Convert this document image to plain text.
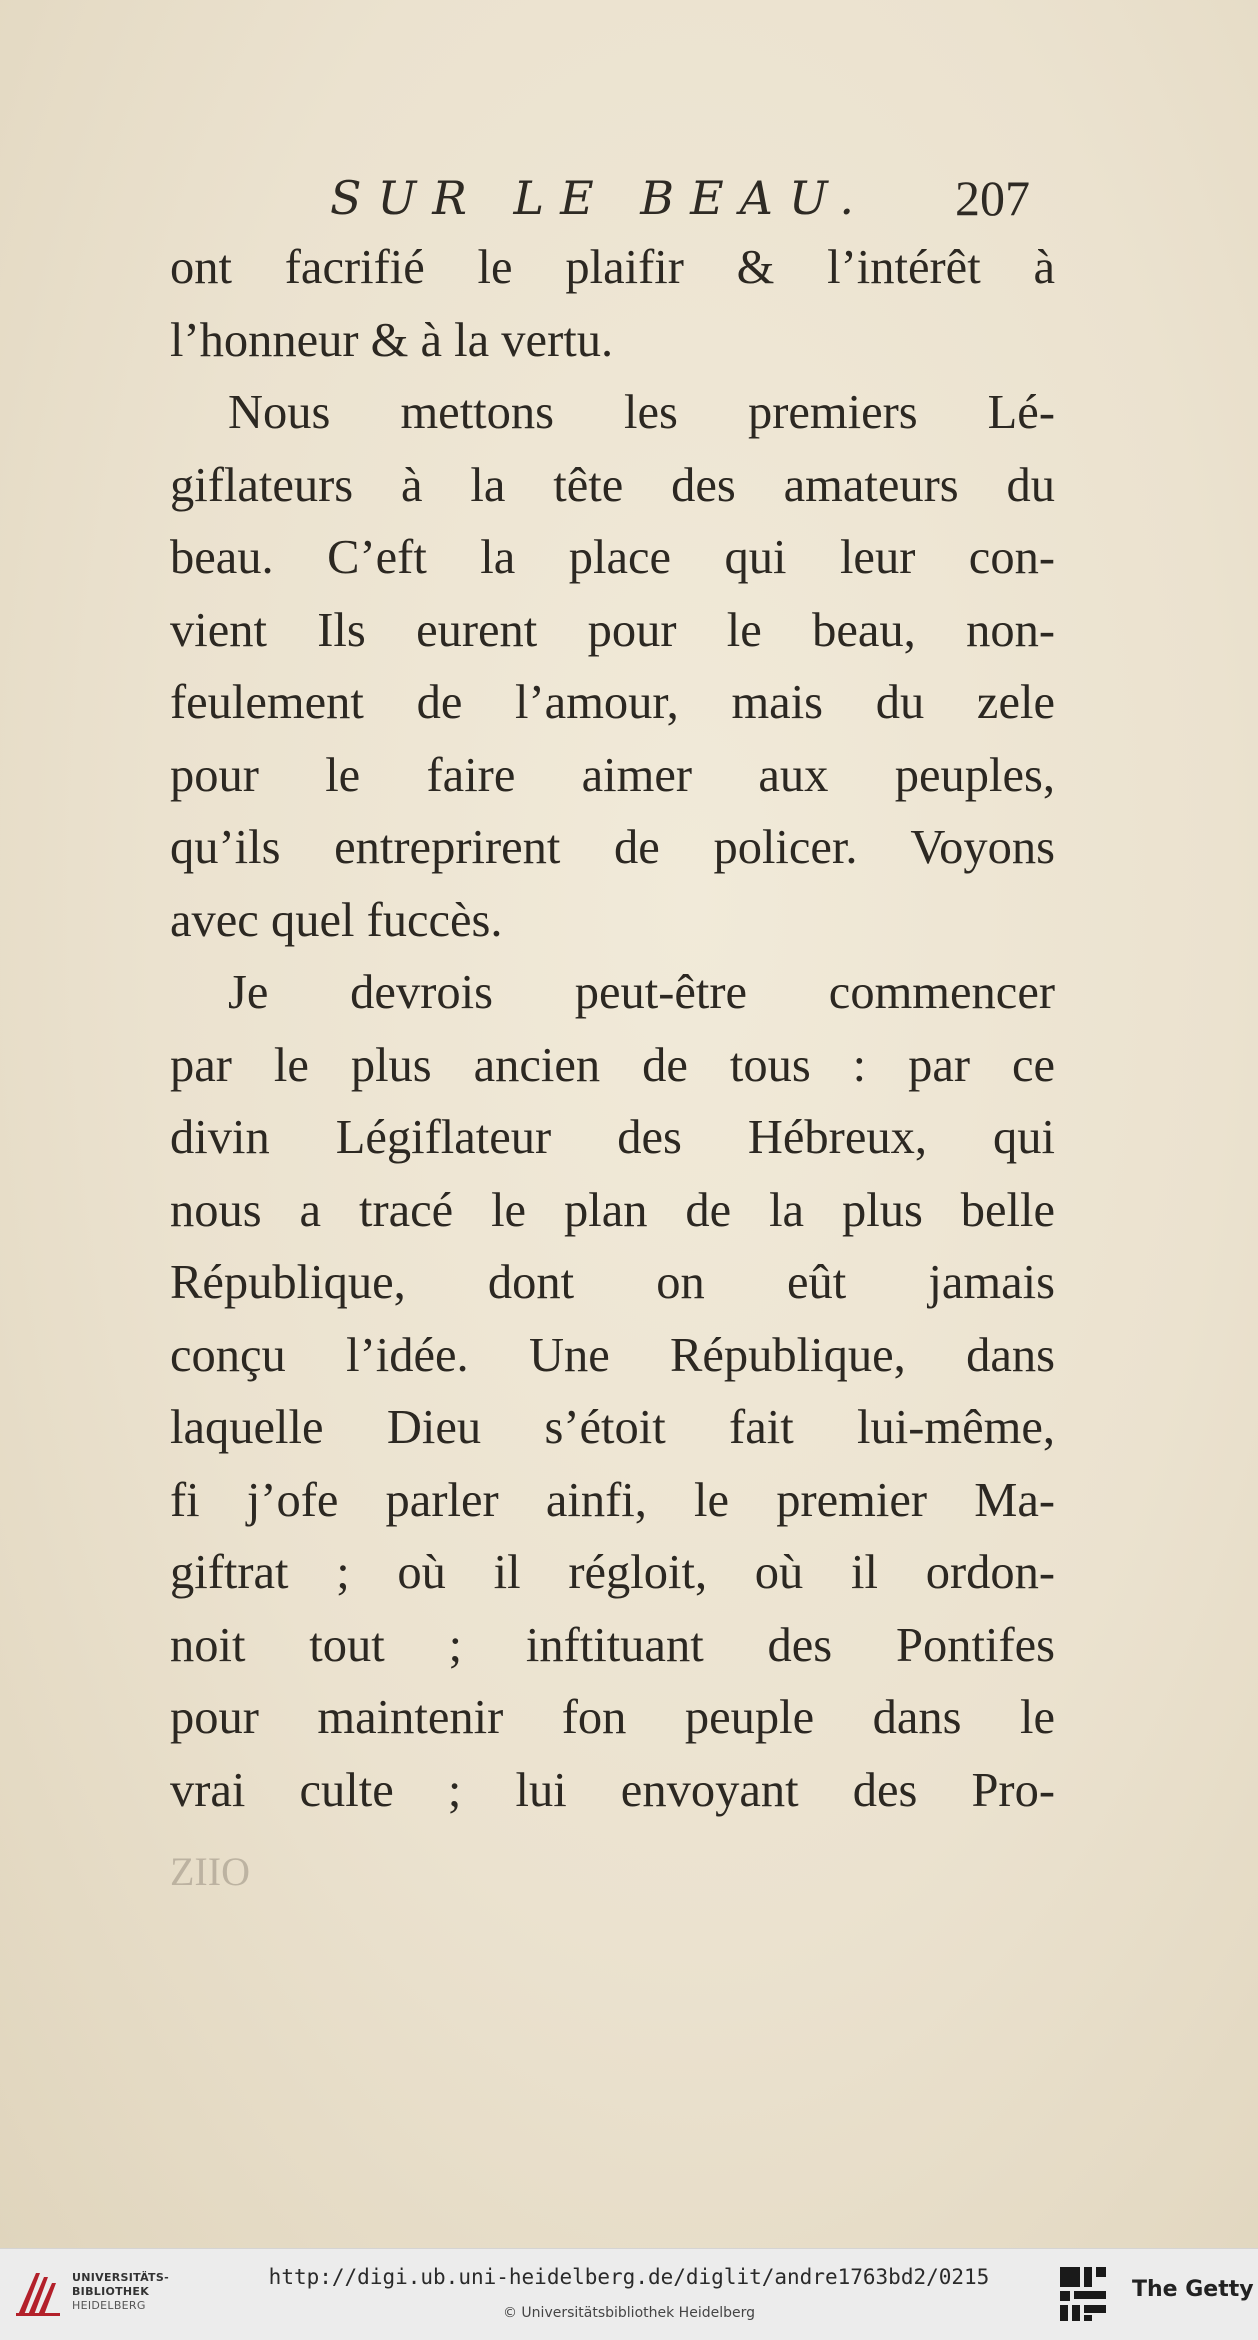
SUR LE BEAU. 207
ont facrifié le plaifir & l’intérêt à
l’honneur & à la vertu.
Nous mettons les premiers Lé-
giflateurs à la tête des amateurs du
beau. C’eft la place qui leur con-
vient Ils eurent pour le beau, non-
feulement de l’amour, mais du zele
pour le faire aimer aux peuples,
qu’ils entreprirent de policer. Voyons
avec quel fuccès.
Je devrois peut-être commencer
par le plus ancien de tous : par ce
divin Légiflateur des Hébreux, qui
nous a tracé le plan de la plus belle
République, dont on eût jamais
conçu l’idée. Une République, dans
laquelle Dieu s’étoit fait lui-même,
fi j’ofe parler ainfi, le premier Ma-
giftrat ; où il régloit, où il ordon-
noit tout ; inftituant des Pontifes
pour maintenir fon peuple dans le
vrai culte ; lui envoyant des Pro-
ZIIO
UNIVERSITÄTS-
BIBLIOTHEK
HEIDELBERG
http://digi.ub.uni-heidelberg.de/diglit/andre1763bd2/0215
© Universitätsbibliothek Heidelberg
The Getty
